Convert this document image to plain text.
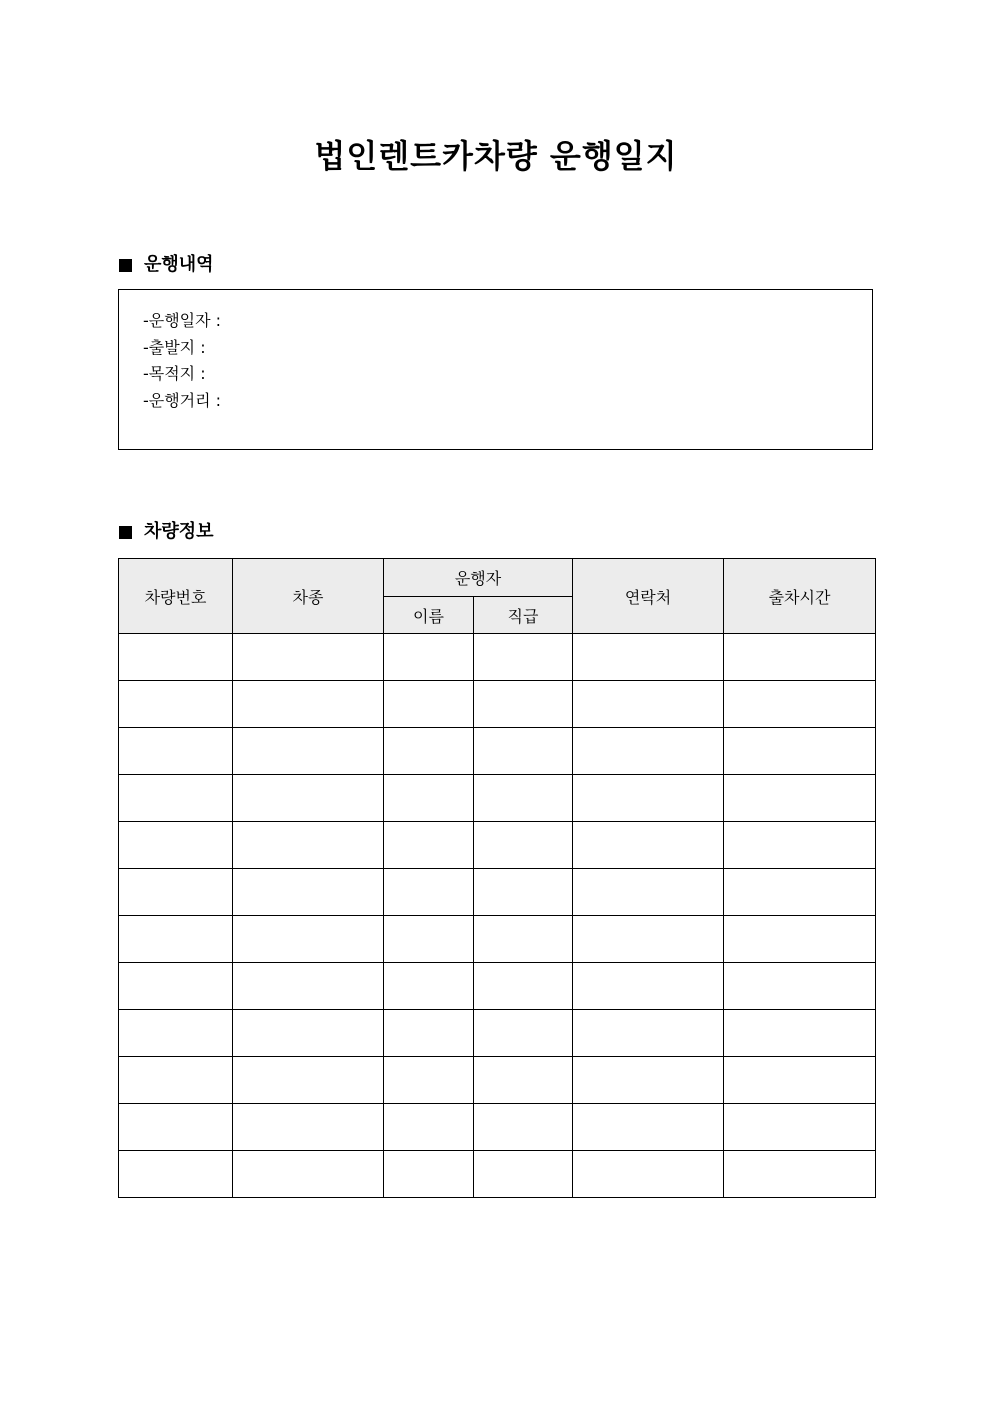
법인렌트카차량 운행일지
운행내역
-운행일자 :
-출발지 :
-목적지 :
-운행거리 :
차량정보
차량번호	차종	운행자		연락처	출차시간
		이름	직급		
